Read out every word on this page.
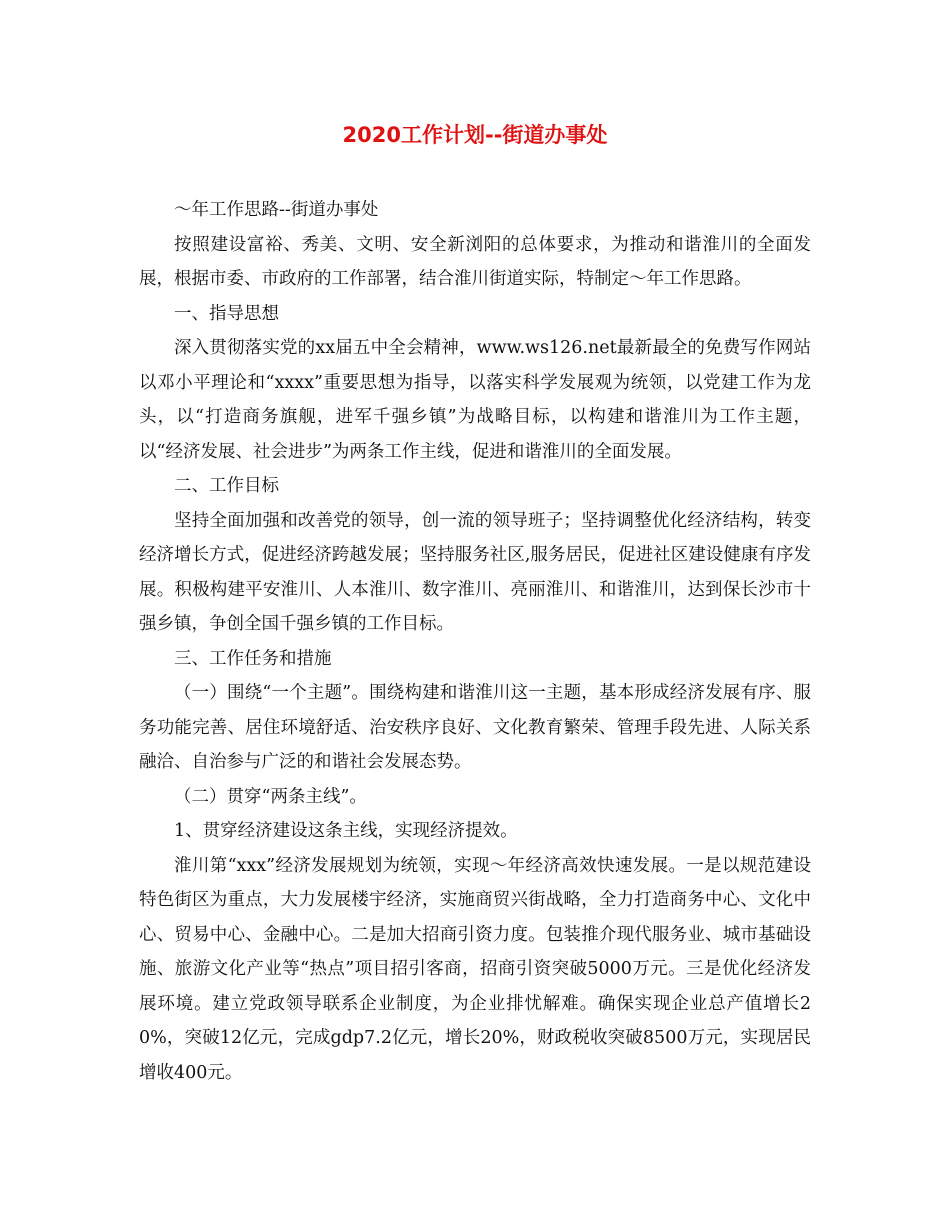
2020工作计划--街道办事处

～年工作思路--街道办事处

按照建设富裕、秀美、文明、安全新浏阳的总体要求，为推动和谐淮川的全面发展，根据市委、市政府的工作部署，结合淮川街道实际，特制定～年工作思路。

一、指导思想

深入贯彻落实党的xx届五中全会精神，www.ws126.net最新最全的免费写作网站以邓小平理论和“xxxx”重要思想为指导，以落实科学发展观为统领，以党建工作为龙头，以“打造商务旗舰，进军千强乡镇”为战略目标，以构建和谐淮川为工作主题，以“经济发展、社会进步”为两条工作主线，促进和谐淮川的全面发展。

二、工作目标

坚持全面加强和改善党的领导，创一流的领导班子；坚持调整优化经济结构，转变经济增长方式，促进经济跨越发展；坚持服务社区,服务居民，促进社区建设健康有序发展。积极构建平安淮川、人本淮川、数字淮川、亮丽淮川、和谐淮川，达到保长沙市十强乡镇，争创全国千强乡镇的工作目标。

三、工作任务和措施

（一）围绕“一个主题”。围绕构建和谐淮川这一主题，基本形成经济发展有序、服务功能完善、居住环境舒适、治安秩序良好、文化教育繁荣、管理手段先进、人际关系融洽、自治参与广泛的和谐社会发展态势。

（二）贯穿“两条主线”。

1、贯穿经济建设这条主线，实现经济提效。

淮川第“xxx”经济发展规划为统领，实现～年经济高效快速发展。一是以规范建设特色街区为重点，大力发展楼宇经济，实施商贸兴街战略，全力打造商务中心、文化中心、贸易中心、金融中心。二是加大招商引资力度。包装推介现代服务业、城市基础设施、旅游文化产业等“热点”项目招引客商，招商引资突破5000万元。三是优化经济发展环境。建立党政领导联系企业制度，为企业排忧解难。确保实现企业总产值增长20%，突破12亿元，完成gdp7.2亿元，增长20%，财政税收突破8500万元，实现居民增收400元。
